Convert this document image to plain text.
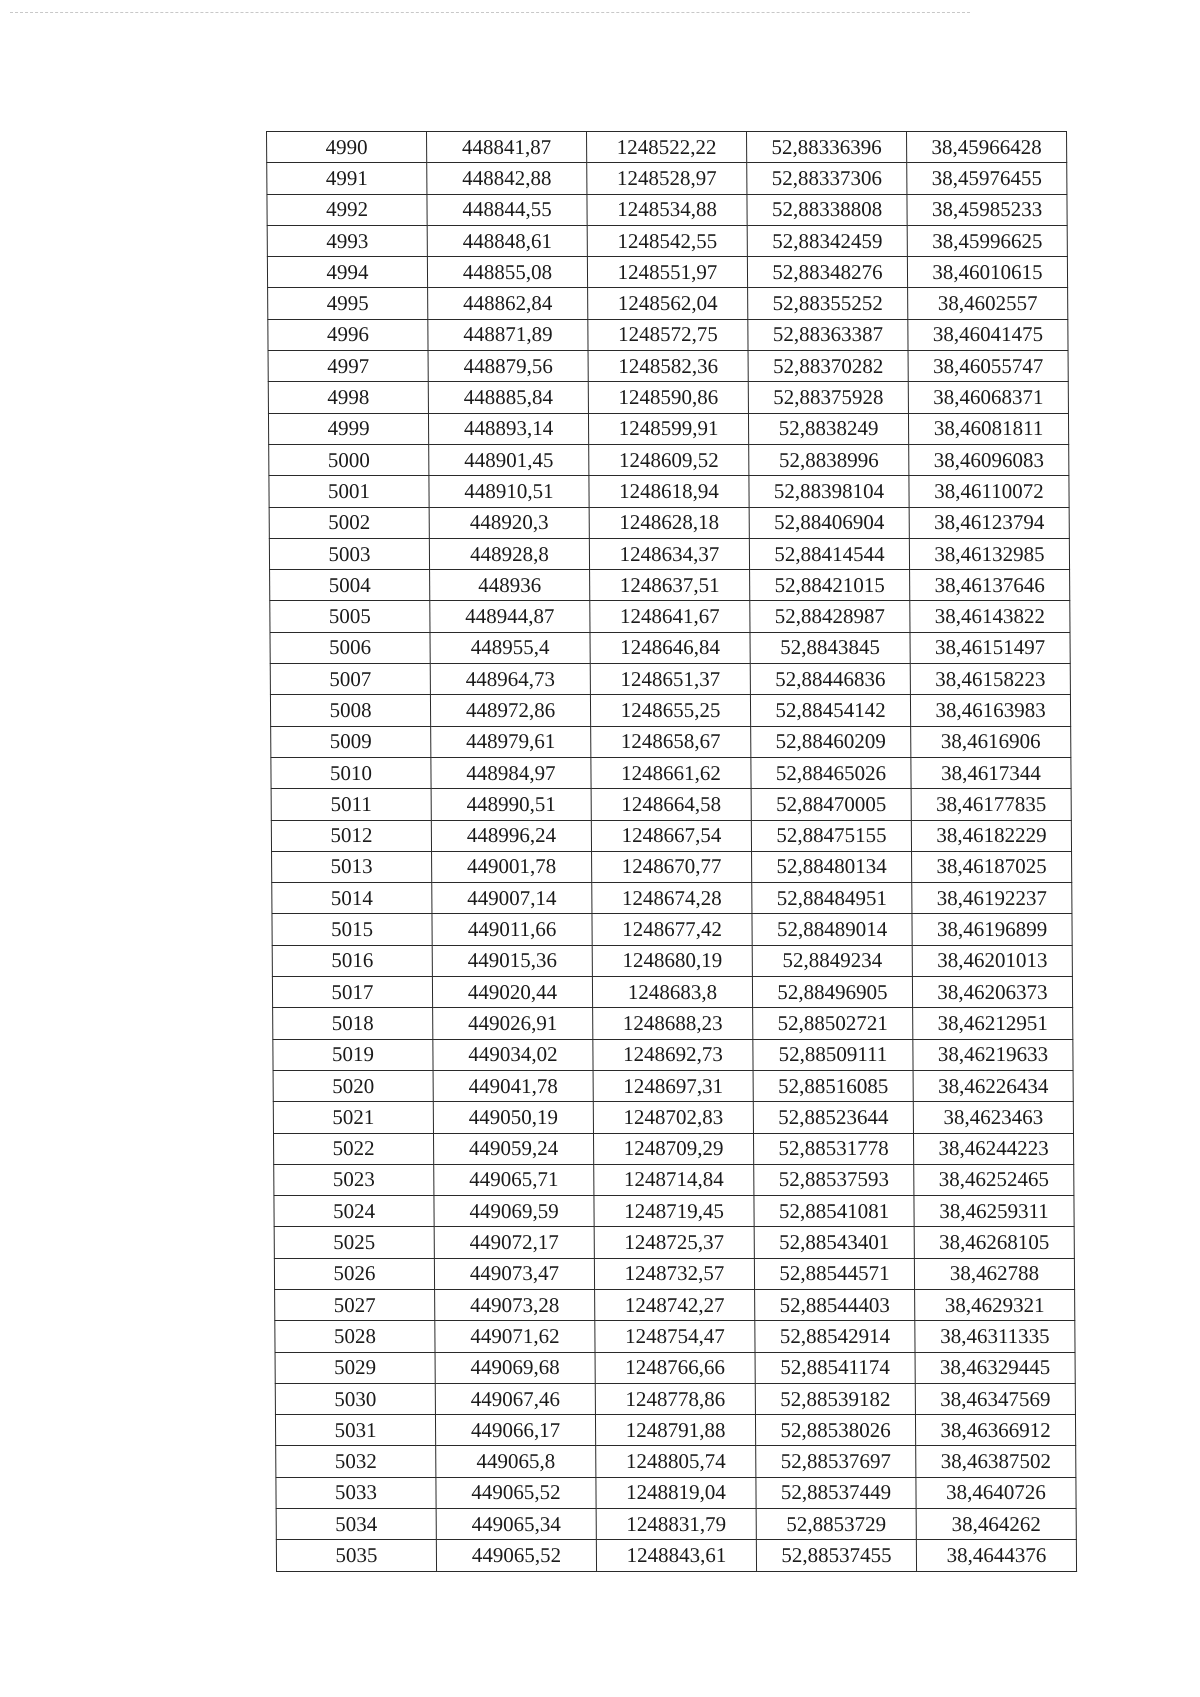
4990	448841,87	1248522,22	52,88336396	38,45966428
4991	448842,88	1248528,97	52,88337306	38,45976455
4992	448844,55	1248534,88	52,88338808	38,45985233
4993	448848,61	1248542,55	52,88342459	38,45996625
4994	448855,08	1248551,97	52,88348276	38,46010615
4995	448862,84	1248562,04	52,88355252	38,4602557
4996	448871,89	1248572,75	52,88363387	38,46041475
4997	448879,56	1248582,36	52,88370282	38,46055747
4998	448885,84	1248590,86	52,88375928	38,46068371
4999	448893,14	1248599,91	52,8838249	38,46081811
5000	448901,45	1248609,52	52,8838996	38,46096083
5001	448910,51	1248618,94	52,88398104	38,46110072
5002	448920,3	1248628,18	52,88406904	38,46123794
5003	448928,8	1248634,37	52,88414544	38,46132985
5004	448936	1248637,51	52,88421015	38,46137646
5005	448944,87	1248641,67	52,88428987	38,46143822
5006	448955,4	1248646,84	52,8843845	38,46151497
5007	448964,73	1248651,37	52,88446836	38,46158223
5008	448972,86	1248655,25	52,88454142	38,46163983
5009	448979,61	1248658,67	52,88460209	38,4616906
5010	448984,97	1248661,62	52,88465026	38,4617344
5011	448990,51	1248664,58	52,88470005	38,46177835
5012	448996,24	1248667,54	52,88475155	38,46182229
5013	449001,78	1248670,77	52,88480134	38,46187025
5014	449007,14	1248674,28	52,88484951	38,46192237
5015	449011,66	1248677,42	52,88489014	38,46196899
5016	449015,36	1248680,19	52,8849234	38,46201013
5017	449020,44	1248683,8	52,88496905	38,46206373
5018	449026,91	1248688,23	52,88502721	38,46212951
5019	449034,02	1248692,73	52,88509111	38,46219633
5020	449041,78	1248697,31	52,88516085	38,46226434
5021	449050,19	1248702,83	52,88523644	38,4623463
5022	449059,24	1248709,29	52,88531778	38,46244223
5023	449065,71	1248714,84	52,88537593	38,46252465
5024	449069,59	1248719,45	52,88541081	38,46259311
5025	449072,17	1248725,37	52,88543401	38,46268105
5026	449073,47	1248732,57	52,88544571	38,462788
5027	449073,28	1248742,27	52,88544403	38,4629321
5028	449071,62	1248754,47	52,88542914	38,46311335
5029	449069,68	1248766,66	52,88541174	38,46329445
5030	449067,46	1248778,86	52,88539182	38,46347569
5031	449066,17	1248791,88	52,88538026	38,46366912
5032	449065,8	1248805,74	52,88537697	38,46387502
5033	449065,52	1248819,04	52,88537449	38,4640726
5034	449065,34	1248831,79	52,8853729	38,464262
5035	449065,52	1248843,61	52,88537455	38,4644376
